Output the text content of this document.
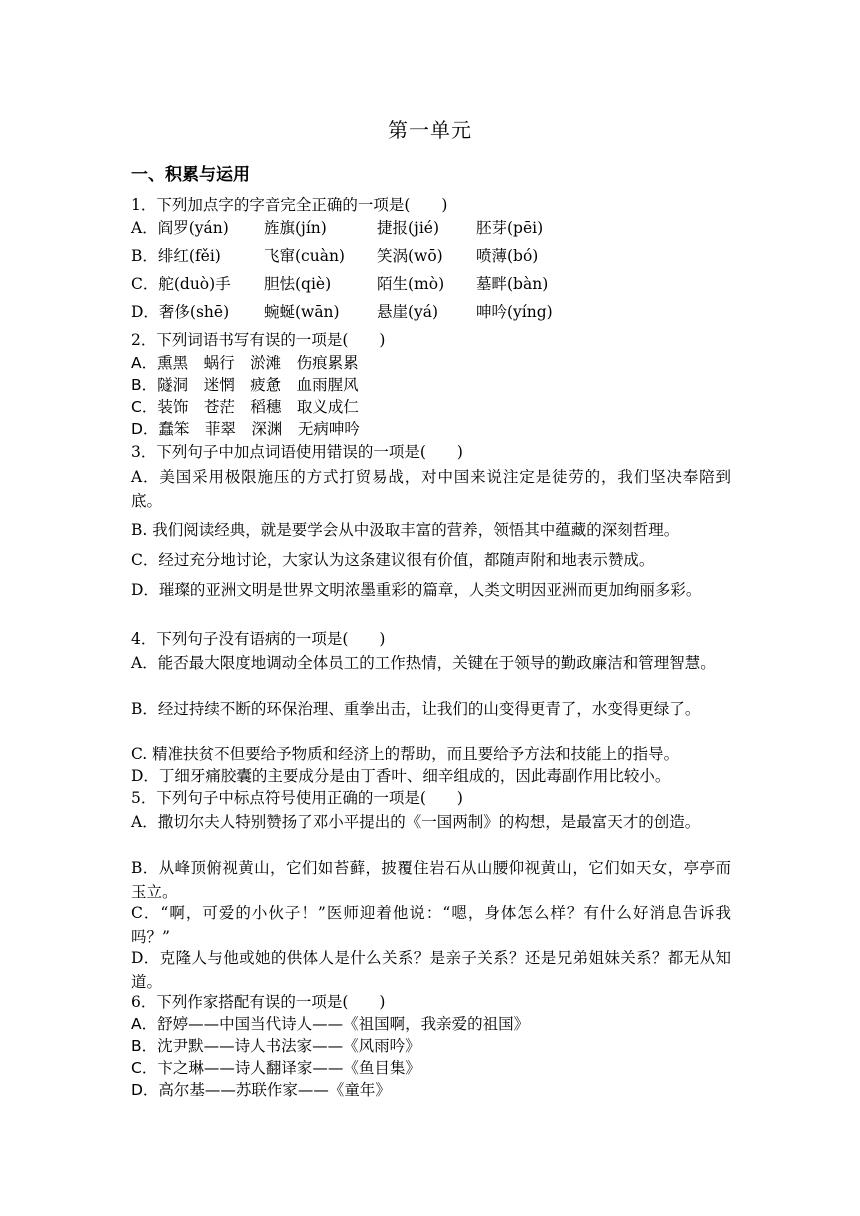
第一单元
一、积累与运用
1．下列加点字的字音完全正确的一项是(　　)
A．阎罗(yán) 旌旗(jín)	捷报(jié) 胚芽(pēi)
B．绯红(fěi)	飞窜(cuàn) 笑涡(wō) 喷薄(bó)
C．舵(duò)手 胆怯(qiè)	陌生(mò) 墓畔(bàn)
D．奢侈(shē) 蜿蜒(wān) 悬崖(yá) 呻吟(yíng)
2．下列词语书写有误的一项是(　　)
A．熏黑　蜗行　淤滩　伤痕累累
B．隧洞　迷惘　疲惫　血雨腥风
C．装饰　苍茫　稻穗　取义成仁
D．蠢笨　菲翠　深渊　无病呻吟
3．下列句子中加点词语使用错误的一项是(　　)
A．美国采用极限施压的方式打贸易战，对中国来说注定是徒劳的，我们坚决奉陪到底。
B. 我们阅读经典，就是要学会从中汲取丰富的营养，领悟其中蕴藏的深刻哲理。
C．经过充分地讨论，大家认为这条建议很有价值，都随声附和地表示赞成。
D．璀璨的亚洲文明是世界文明浓墨重彩的篇章，人类文明因亚洲而更加绚丽多彩。
4．下列句子没有语病的一项是(　　)
A．能否最大限度地调动全体员工的工作热情，关键在于领导的勤政廉洁和管理智慧。
B．经过持续不断的环保治理、重拳出击，让我们的山变得更青了，水变得更绿了。
C. 精准扶贫不但要给予物质和经济上的帮助，而且要给予方法和技能上的指导。
D．丁细牙痛胶囊的主要成分是由丁香叶、细辛组成的，因此毒副作用比较小。
5．下列句子中标点符号使用正确的一项是(　　)
A．撒切尔夫人特别赞扬了邓小平提出的《一国两制》的构想，是最富天才的创造。
B．从峰顶俯视黄山，它们如苔藓，披覆住岩石从山腰仰视黄山，它们如天女，亭亭而玉立。
C．“啊，可爱的小伙子！”医师迎着他说：“嗯，身体怎么样？有什么好消息告诉我吗？”
D．克隆人与他或她的供体人是什么关系？是亲子关系？还是兄弟姐妹关系？都无从知道。
6．下列作家搭配有误的一项是(　　)
A．舒婷——中国当代诗人——《祖国啊，我亲爱的祖国》
B．沈尹默——诗人书法家——《风雨吟》
C．卞之琳——诗人翻译家——《鱼目集》
D．高尔基——苏联作家——《童年》
